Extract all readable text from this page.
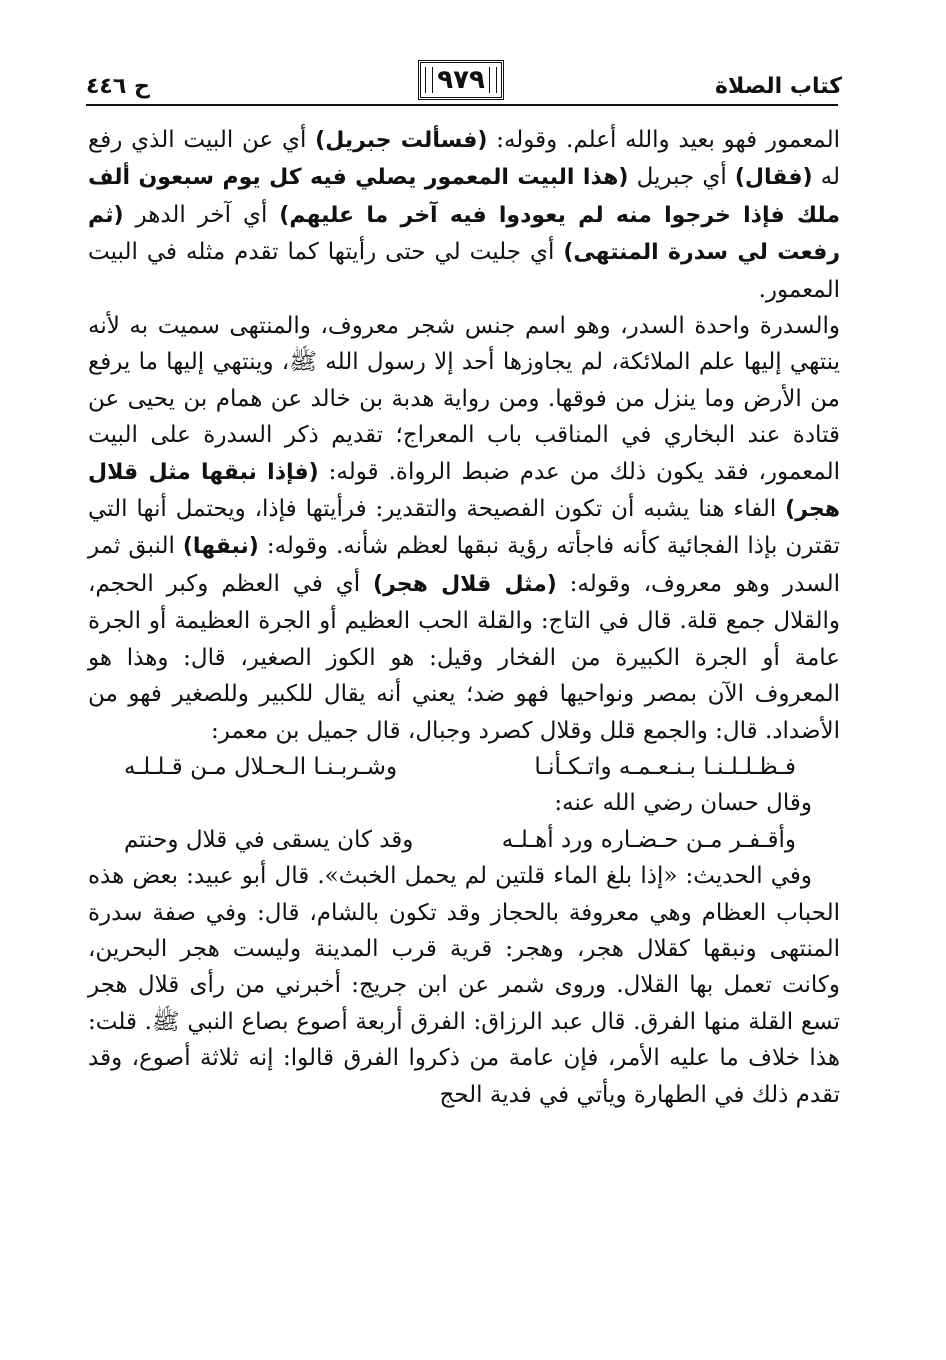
كتاب الصلاة
٩٧٩
ح ٤٤٦

المعمور فهو بعيد والله أعلم. وقوله: (فسألت جبريل) أي عن البيت الذي رفع له (فقال) أي جبريل (هذا البيت المعمور يصلي فيه كل يوم سبعون ألف ملك فإذا خرجوا منه لم يعودوا فيه آخر ما عليهم) أي آخر الدهر (ثم رفعت لي سدرة المنتهى) أي جليت لي حتى رأيتها كما تقدم مثله في البيت المعمور.

والسدرة واحدة السدر، وهو اسم جنس شجر معروف، والمنتهى سميت به لأنه ينتهي إليها علم الملائكة، لم يجاوزها أحد إلا رسول الله ﷺ، وينتهي إليها ما يرفع من الأرض وما ينزل من فوقها. ومن رواية هدبة بن خالد عن همام بن يحيى عن قتادة عند البخاري في المناقب باب المعراج؛ تقديم ذكر السدرة على البيت المعمور، فقد يكون ذلك من عدم ضبط الرواة. قوله: (فإذا نبقها مثل قلال هجر) الفاء هنا يشبه أن تكون الفصيحة والتقدير: فرأيتها فإذا، ويحتمل أنها التي تقترن بإذا الفجائية كأنه فاجأته رؤية نبقها لعظم شأنه. وقوله: (نبقها) النبق ثمر السدر وهو معروف، وقوله: (مثل قلال هجر) أي في العظم وكبر الحجم، والقلال جمع قلة. قال في التاج: والقلة الحب العظيم أو الجرة العظيمة أو الجرة عامة أو الجرة الكبيرة من الفخار وقيل: هو الكوز الصغير، قال: وهذا هو المعروف الآن بمصر ونواحيها فهو ضد؛ يعني أنه يقال للكبير وللصغير فهو من الأضداد. قال: والجمع قلل وقلال كصرد وجبال، قال جميل بن معمر:

فـظـلـلـنـا بـنـعـمـه واتـكـأنـا
وشـربـنـا الـحـلال مـن قـلـلـه

وقال حسان رضي الله عنه:

وأقـفـر مـن حـضـاره ورد أهـلـه
وقد كان يسقى في قلال وحنتم

وفي الحديث: «إذا بلغ الماء قلتين لم يحمل الخبث». قال أبو عبيد: بعض هذه الحباب العظام وهي معروفة بالحجاز وقد تكون بالشام، قال: وفي صفة سدرة المنتهى ونبقها كقلال هجر، وهجر: قرية قرب المدينة وليست هجر البحرين، وكانت تعمل بها القلال. وروى شمر عن ابن جريج: أخبرني من رأى قلال هجر تسع القلة منها الفرق. قال عبد الرزاق: الفرق أربعة أصوع بصاع النبي ﷺ. قلت: هذا خلاف ما عليه الأمر، فإن عامة من ذكروا الفرق قالوا: إنه ثلاثة أصوع، وقد تقدم ذلك في الطهارة ويأتي في فدية الحج
